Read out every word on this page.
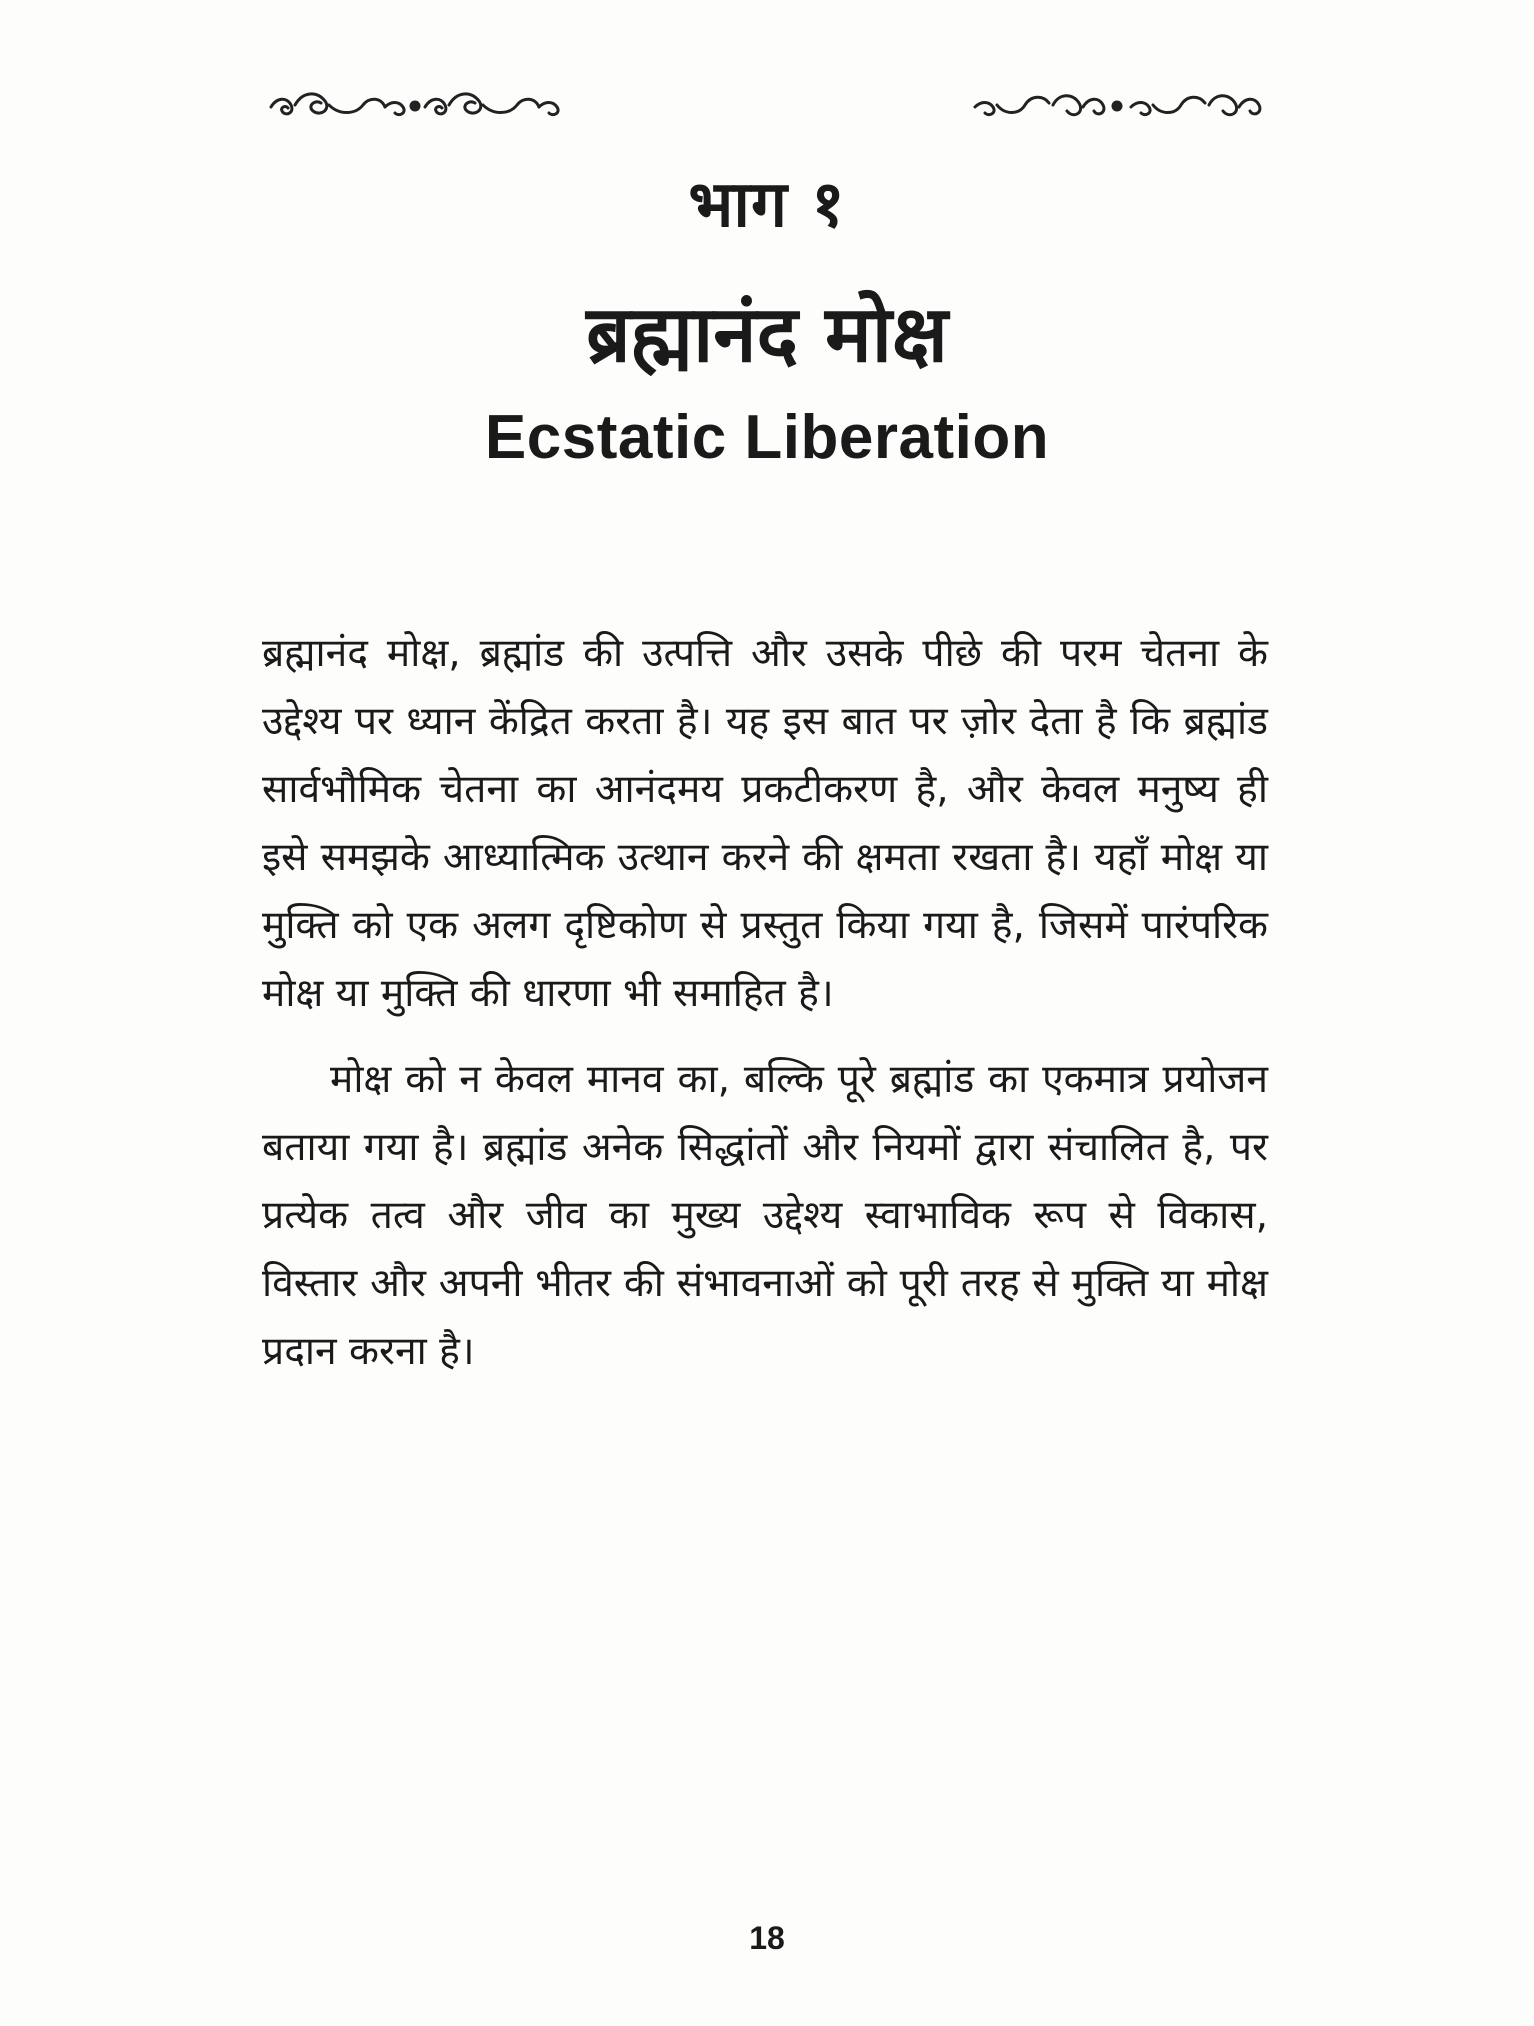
भाग १
ब्रह्मानंद मोक्ष
Ecstatic Liberation

ब्रह्मानंद मोक्ष, ब्रह्मांड की उत्पत्ति और उसके पीछे की परम चेतना के उद्देश्य पर ध्यान केंद्रित करता है। यह इस बात पर ज़ोर देता है कि ब्रह्मांड सार्वभौमिक चेतना का आनंदमय प्रकटीकरण है, और केवल मनुष्य ही इसे समझके आध्यात्मिक उत्थान करने की क्षमता रखता है। यहाँ मोक्ष या मुक्ति को एक अलग दृष्टिकोण से प्रस्तुत किया गया है, जिसमें पारंपरिक मोक्ष या मुक्ति की धारणा भी समाहित है।

मोक्ष को न केवल मानव का, बल्कि पूरे ब्रह्मांड का एकमात्र प्रयोजन बताया गया है। ब्रह्मांड अनेक सिद्धांतों और नियमों द्वारा संचालित है, पर प्रत्येक तत्व और जीव का मुख्य उद्देश्य स्वाभाविक रूप से विकास, विस्तार और अपनी भीतर की संभावनाओं को पूरी तरह से मुक्ति या मोक्ष प्रदान करना है।

18
